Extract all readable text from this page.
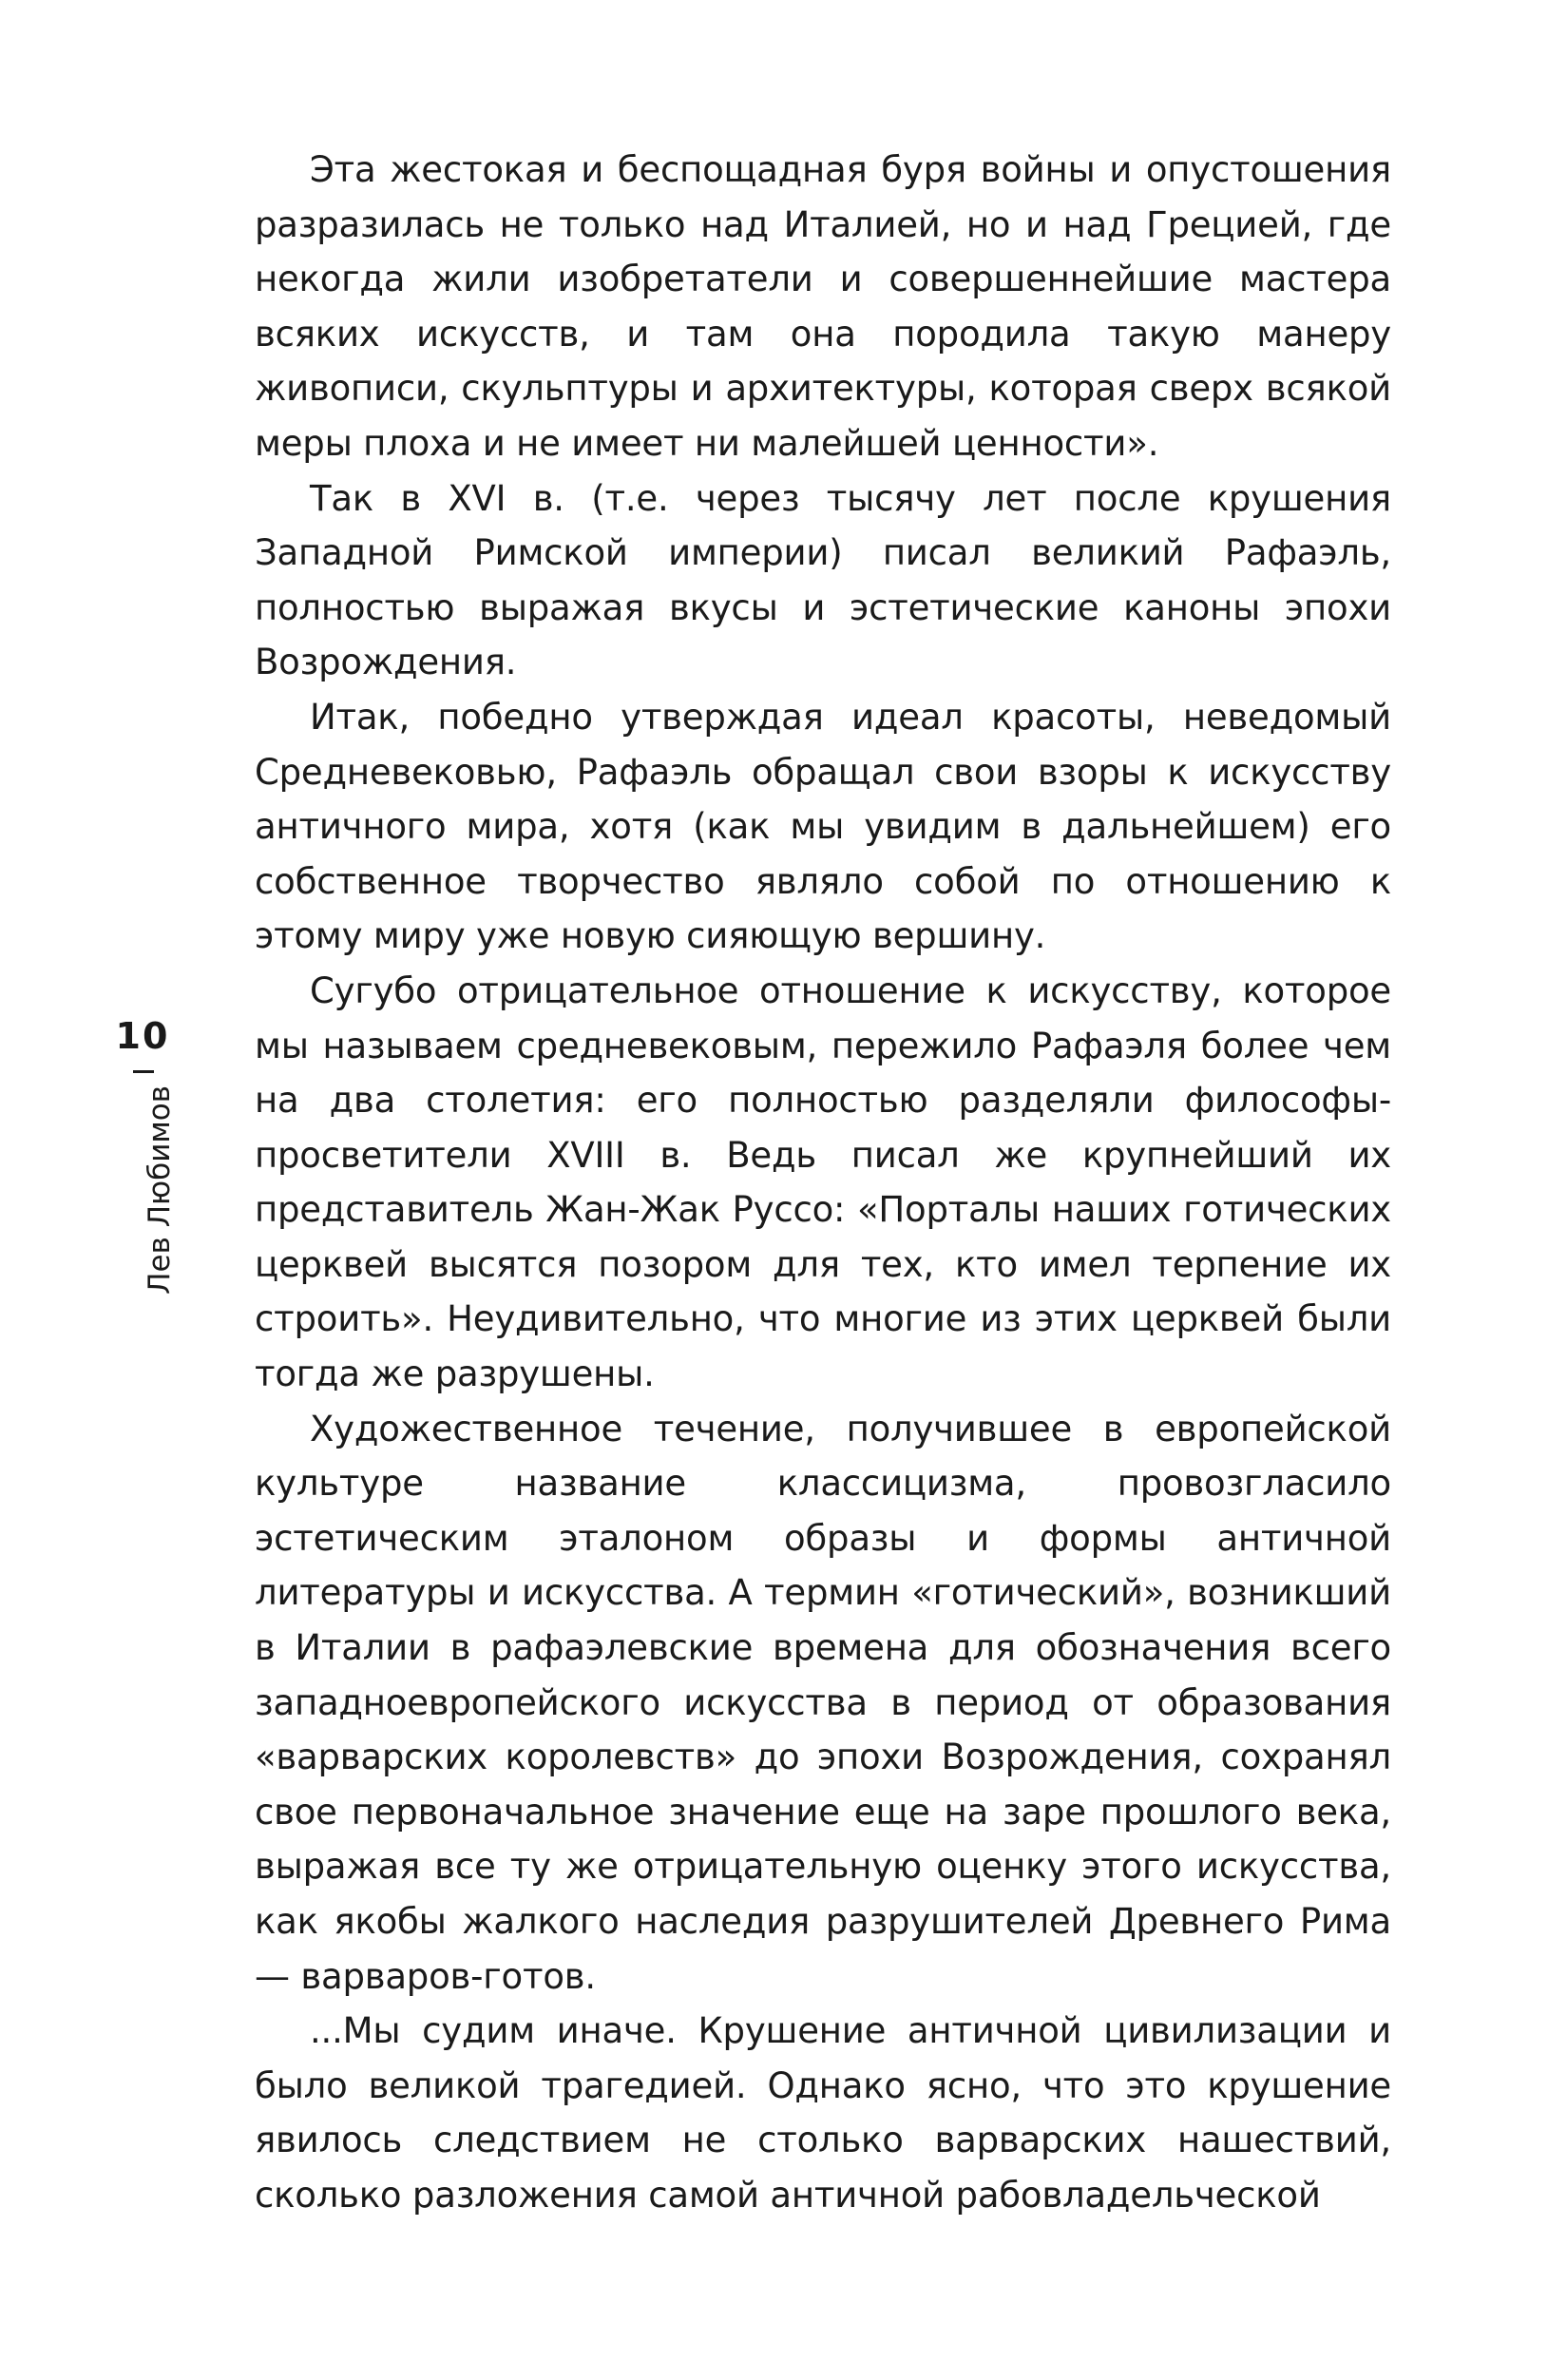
10
Лев Любимов

Эта жестокая и беспощадная буря войны и опустошения разразилась не только над Италией, но и над Грецией, где некогда жили изобретатели и совершеннейшие мастера всяких искусств, и там она породила такую манеру живописи, скульптуры и архитектуры, которая сверх всякой меры плоха и не имеет ни малейшей ценности».

Так в XVI в. (т.е. через тысячу лет после крушения Западной Римской империи) писал великий Рафаэль, полностью выражая вкусы и эстетические каноны эпохи Возрождения.

Итак, победно утверждая идеал красоты, неведомый Средневековью, Рафаэль обращал свои взоры к искусству античного мира, хотя (как мы увидим в дальнейшем) его собственное творчество являло собой по отношению к этому миру уже новую сияющую вершину.

Сугубо отрицательное отношение к искусству, которое мы называем средневековым, пережило Рафаэля более чем на два столетия: его полностью разделяли философы-просветители XVIII в. Ведь писал же крупнейший их представитель Жан-Жак Руссо: «Порталы наших готических церквей высятся позором для тех, кто имел терпение их строить». Неудивительно, что многие из этих церквей были тогда же разрушены.

Художественное течение, получившее в европейской культуре название классицизма, провозгласило эстетическим эталоном образы и формы античной литературы и искусства. А термин «готический», возникший в Италии в рафаэлевские времена для обозначения всего западноевропейского искусства в период от образования «варварских королевств» до эпохи Возрождения, сохранял свое первоначальное значение еще на заре прошлого века, выражая все ту же отрицательную оценку этого искусства, как якобы жалкого наследия разрушителей Древнего Рима — варваров-готов.

...Мы судим иначе. Крушение античной цивилизации и было великой трагедией. Однако ясно, что это крушение явилось следствием не столько варварских нашествий, сколько разложения самой античной рабовладельческой
